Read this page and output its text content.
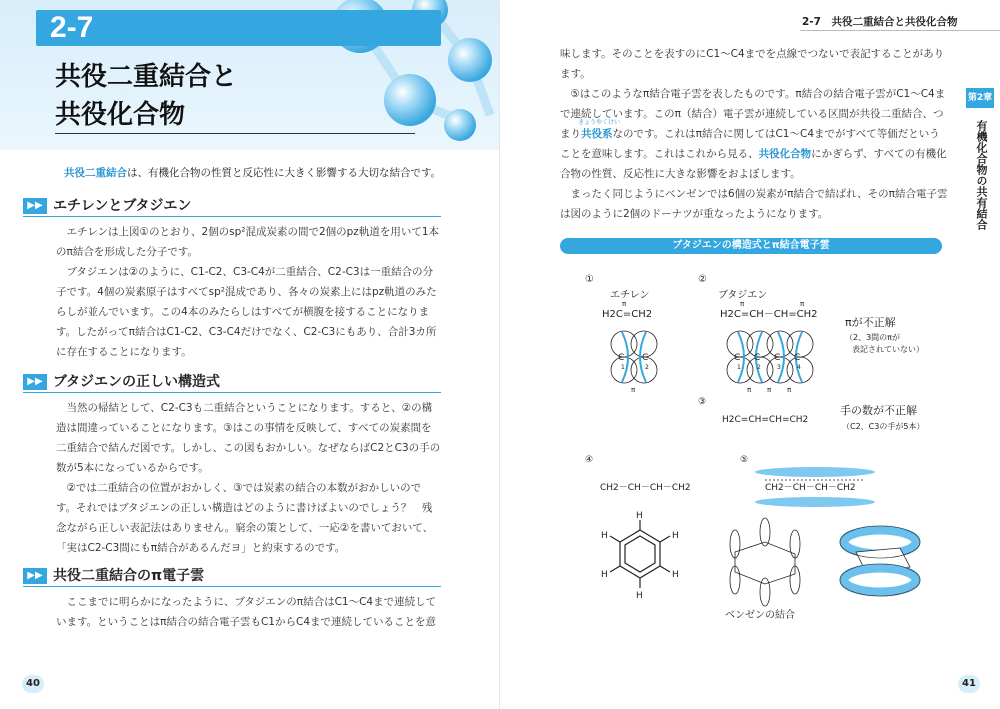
2-7
共役二重結合と
共役化合物
共役二重結合は、有機化合物の性質と反応性に大きく影響する大切な結合です。
▶▶ エチレンとブタジエン

エチレンは上図①のとおり、2個のsp²混成炭素の間で2個のpz軌道を用いて1本のπ結合を形成した分子です。

ブタジエンは②のように、C1-C2、C3-C4が二重結合、C2-C3は一重結合の分子です。4個の炭素原子はすべてsp²混成であり、各々の炭素上にはpz軌道のみたらしが並んでいます。この4本のみたらしはすべてが横腹を接することになります。したがってπ結合はC1-C2、C3-C4だけでなく、C2-C3にもあり、合計3カ所に存在することになります。

▶▶ ブタジエンの正しい構造式

当然の帰結として、C2-C3も二重結合ということになります。すると、②の構造は間違っていることになります。③はこの事情を反映して、すべての炭素間を二重結合で結んだ図です。しかし、この図もおかしい。なぜならばC2とC3の手の数が5本になっているからです。

②では二重結合の位置がおかしく、③では炭素の結合の本数がおかしいのです。それではブタジエンの正しい構造はどのように書けばよいのでしょう？　残念ながら正しい表記法はありません。窮余の策として、一応②を書いておいて、「実はC2-C3間にもπ結合があるんだヨ」と約束するのです。

▶▶ 共役二重結合のπ電子雲

ここまでに明らかになったように、ブタジエンのπ結合はC1～C4まで連続しています。ということはπ結合の結合電子雲もC1からC4まで連続していることを意

40
2-7　共役二重結合と共役化合物

味します。そのことを表すのにC1～C4までを点線でつないで表記することがあります。

⑤はこのようなπ結合電子雲を表したものです。π結合の結合電子雲がC1～C4まで連続しています。このπ（結合）電子雲が連続している区間が共役二重結合、つまり共役系なのです。これはπ結合に関してはC1～C4までがすべて等価だということを意味します。これはこれから見る、共役化合物にかぎらず、すべての有機化合物の性質、反応性に大きな影響をおよぼします。

まったく同じようにベンゼンでは6個の炭素がπ結合で結ばれ、そのπ結合電子雲は図のように2個のドーナツが重なったようになります。

きょうやくけい
第2章
有機化合物の共有結合
ブタジエンの構造式とπ結合電子雲
①	②
エチレン	ブタジエン
H2C=CH2	H2C=CH－CH=CH2
π	π	π
C C
1	2
π
C C C C
1	2	3	4
π π π
πが不正解
（2、3間のπが
表記されていない）
③
H2C=CH=CH=CH2
手の数が不正解
（C2、C3の手が5本）
④	⑤
CH2－CH－CH－CH2	CH2－CH－CH－CH2
H
H
H
H
H
H
ベンゼンの結合
41
